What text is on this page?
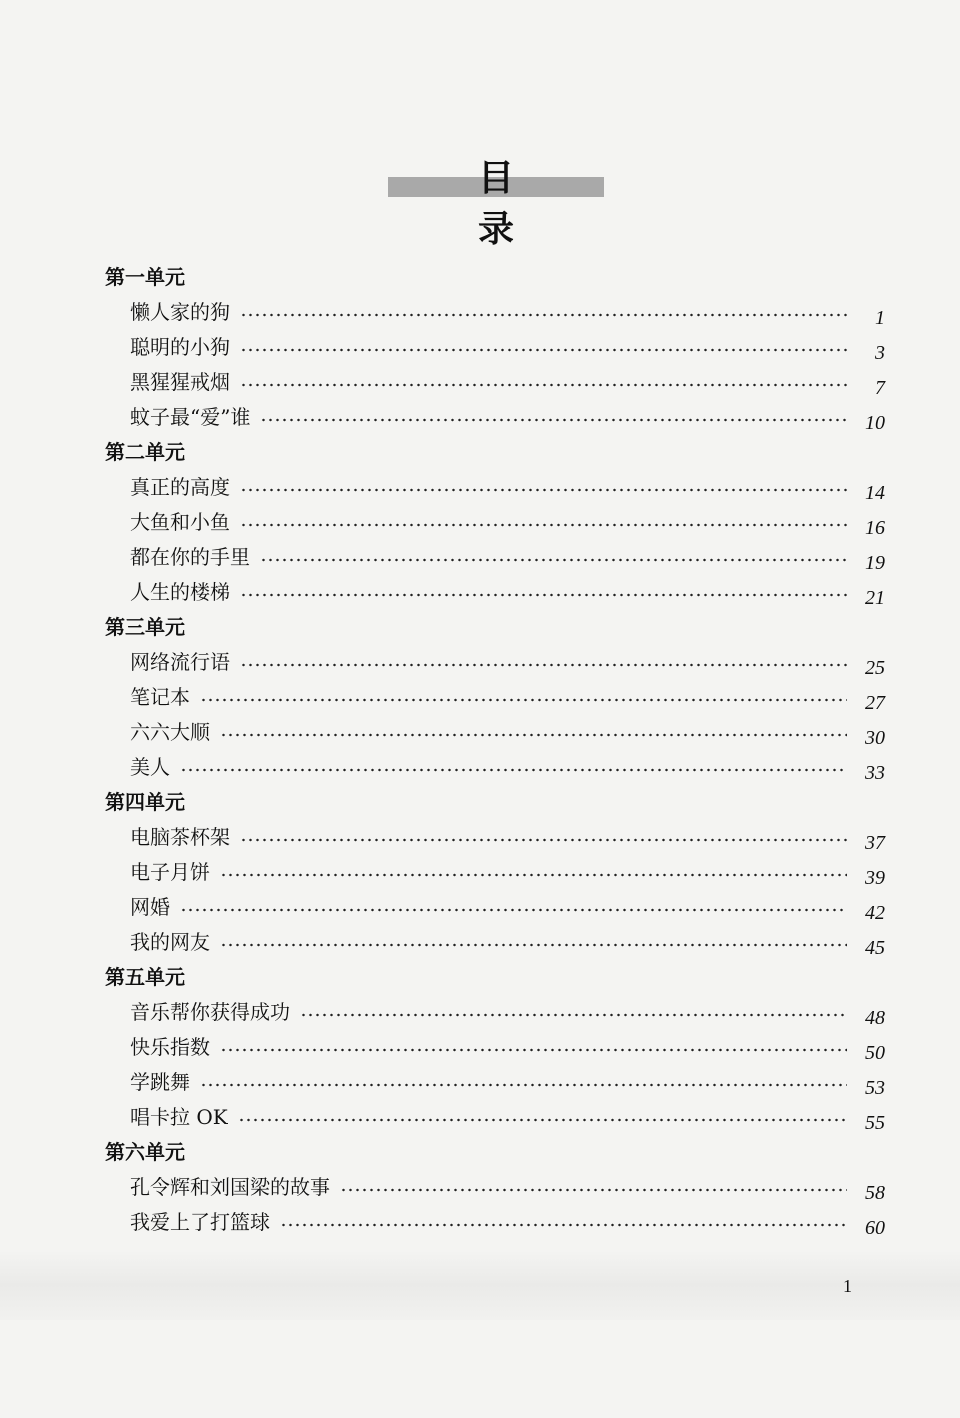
目 录
第一单元
懒人家的狗	1
聪明的小狗	3
黑猩猩戒烟	7
蚊子最“爱”谁	10
第二单元
真正的高度	14
大鱼和小鱼	16
都在你的手里	19
人生的楼梯	21
第三单元
网络流行语	25
笔记本	27
六六大顺	30
美人	33
第四单元
电脑茶杯架	37
电子月饼	39
网婚	42
我的网友	45
第五单元
音乐帮你获得成功	48
快乐指数	50
学跳舞	53
唱卡拉 OK	55
第六单元
孔令辉和刘国梁的故事	58
我爱上了打篮球	60
1
